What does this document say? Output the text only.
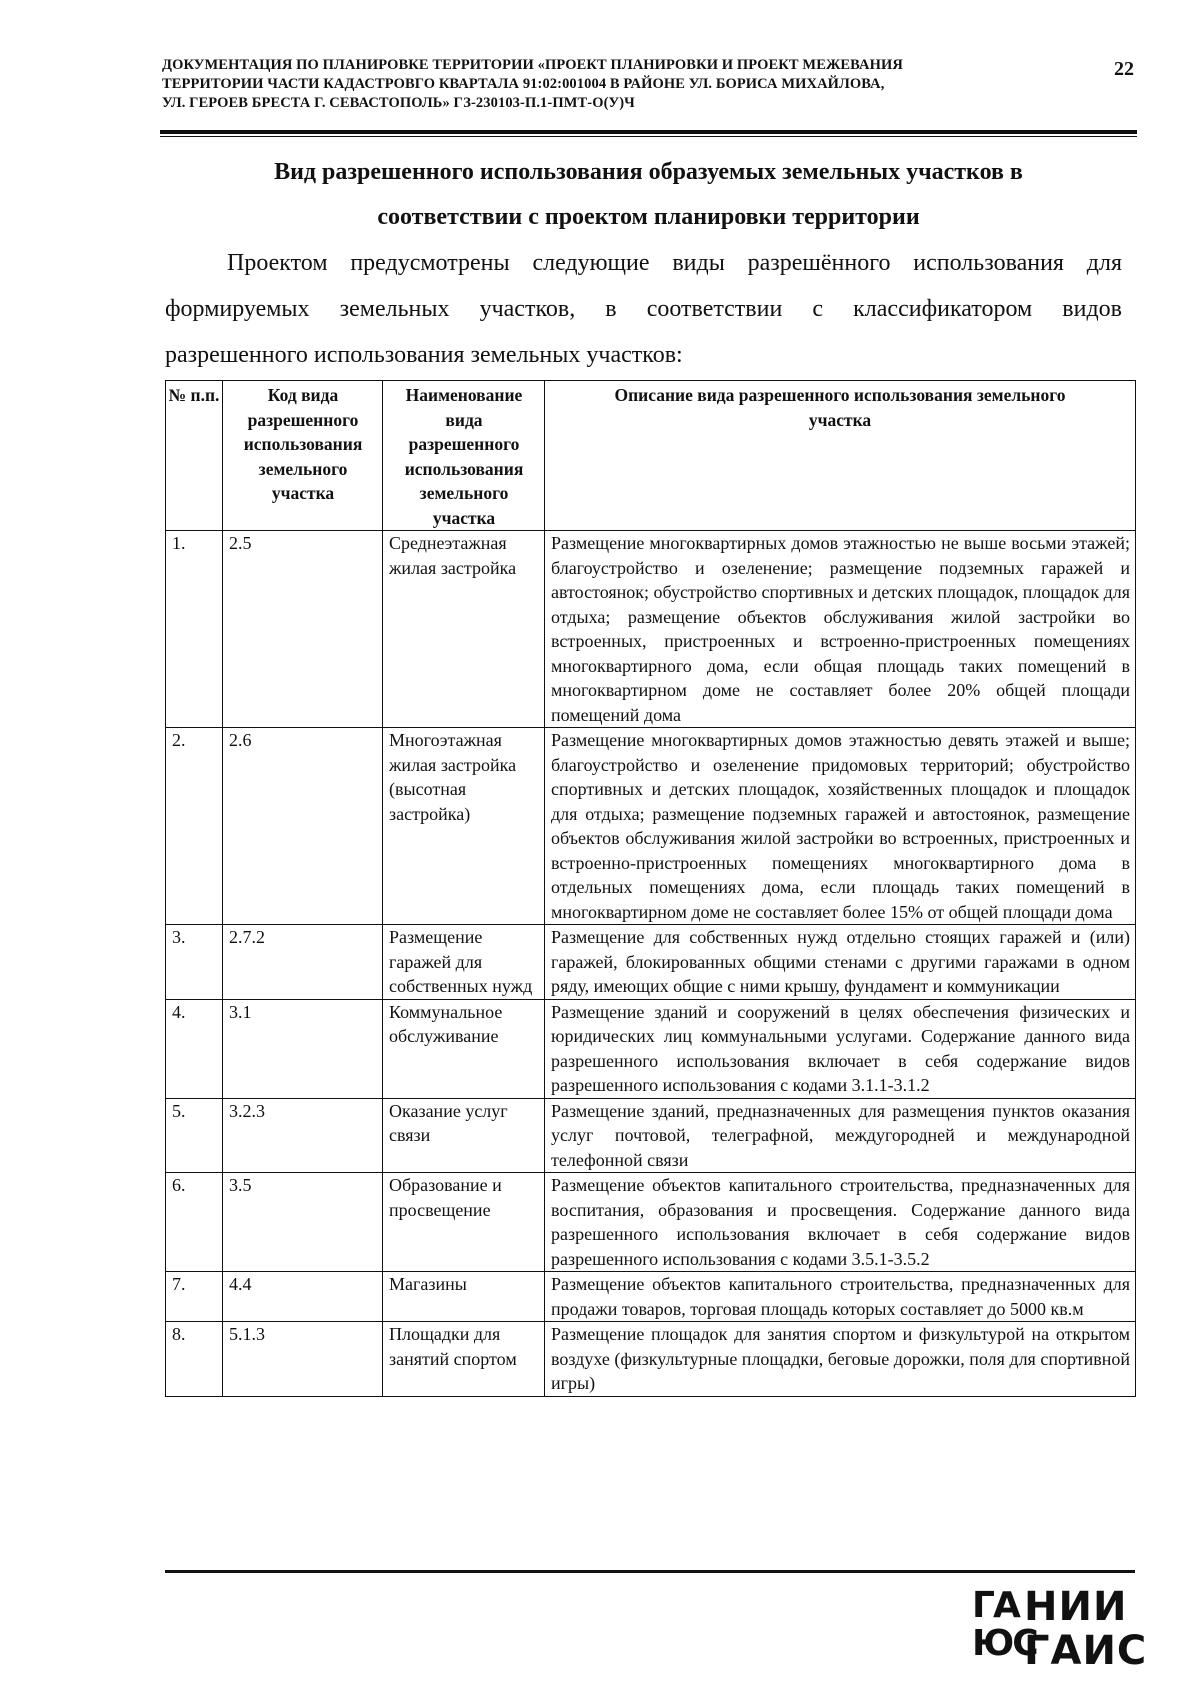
ДОКУМЕНТАЦИЯ ПО ПЛАНИРОВКЕ ТЕРРИТОРИИ «ПРОЕКТ ПЛАНИРОВКИ И ПРОЕКТ МЕЖЕВАНИЯ
ТЕРРИТОРИИ ЧАСТИ КАДАСТРОВГО КВАРТАЛА 91:02:001004 В РАЙОНЕ УЛ. БОРИСА МИХАЙЛОВА,
УЛ. ГЕРОЕВ БРЕСТА Г. СЕВАСТОПОЛЬ» ГЗ-230103-П.1-ПМТ-О(У)Ч
22
Вид разрешенного использования образуемых земельных участков в
соответствии с проектом планировки территории
Проектом предусмотрены следующие виды разрешённого использования для
формируемых земельных участков, в соответствии с классификатором видов
разрешенного использования земельных участков:
№ п.п.	Код вида разрешенного использования земельного участка	Наименование вида разрешенного использования земельного участка	Описание вида разрешенного использования земельного участка
1.	2.5	Среднеэтажная жилая застройка	Размещение многоквартирных домов этажностью не выше восьми этажей; благоустройство и озеленение; размещение подземных гаражей и автостоянок; обустройство спортивных и детских площадок, площадок для отдыха; размещение объектов обслуживания жилой застройки во встроенных, пристроенных и встроенно-пристроенных помещениях многоквартирного дома, если общая площадь таких помещений в многоквартирном доме не составляет более 20% общей площади помещений дома
2.	2.6	Многоэтажная жилая застройка (высотная застройка)	Размещение многоквартирных домов этажностью девять этажей и выше; благоустройство и озеленение придомовых территорий; обустройство спортивных и детских площадок, хозяйственных площадок и площадок для отдыха; размещение подземных гаражей и автостоянок, размещение объектов обслуживания жилой застройки во встроенных, пристроенных и встроенно-пристроенных помещениях многоквартирного дома в отдельных помещениях дома, если площадь таких помещений в многоквартирном доме не составляет более 15% от общей площади дома
3.	2.7.2	Размещение гаражей для собственных нужд	Размещение для собственных нужд отдельно стоящих гаражей и (или) гаражей, блокированных общими стенами с другими гаражами в одном ряду, имеющих общие с ними крышу, фундамент и коммуникации
4.	3.1	Коммунальное обслуживание	Размещение зданий и сооружений в целях обеспечения физических и юридических лиц коммунальными услугами. Содержание данного вида разрешенного использования включает в себя содержание видов разрешенного использования с кодами 3.1.1-3.1.2
5.	3.2.3	Оказание услуг связи	Размещение зданий, предназначенных для размещения пунктов оказания услуг почтовой, телеграфной, междугородней и международной телефонной связи
6.	3.5	Образование и просвещение	Размещение объектов капитального строительства, предназначенных для воспитания, образования и просвещения. Содержание данного вида разрешенного использования включает в себя содержание видов разрешенного использования с кодами 3.5.1-3.5.2
7.	4.4	Магазины	Размещение объектов капитального строительства, предназначенных для продажи товаров, торговая площадь которых составляет до 5000 кв.м
8.	5.1.3	Площадки для занятий спортом	Размещение площадок для занятия спортом и физкультурой на открытом воздухе (физкультурные площадки, беговые дорожки, поля для спортивной игры)
ГА
ЮС
НИИ
ГАИС
